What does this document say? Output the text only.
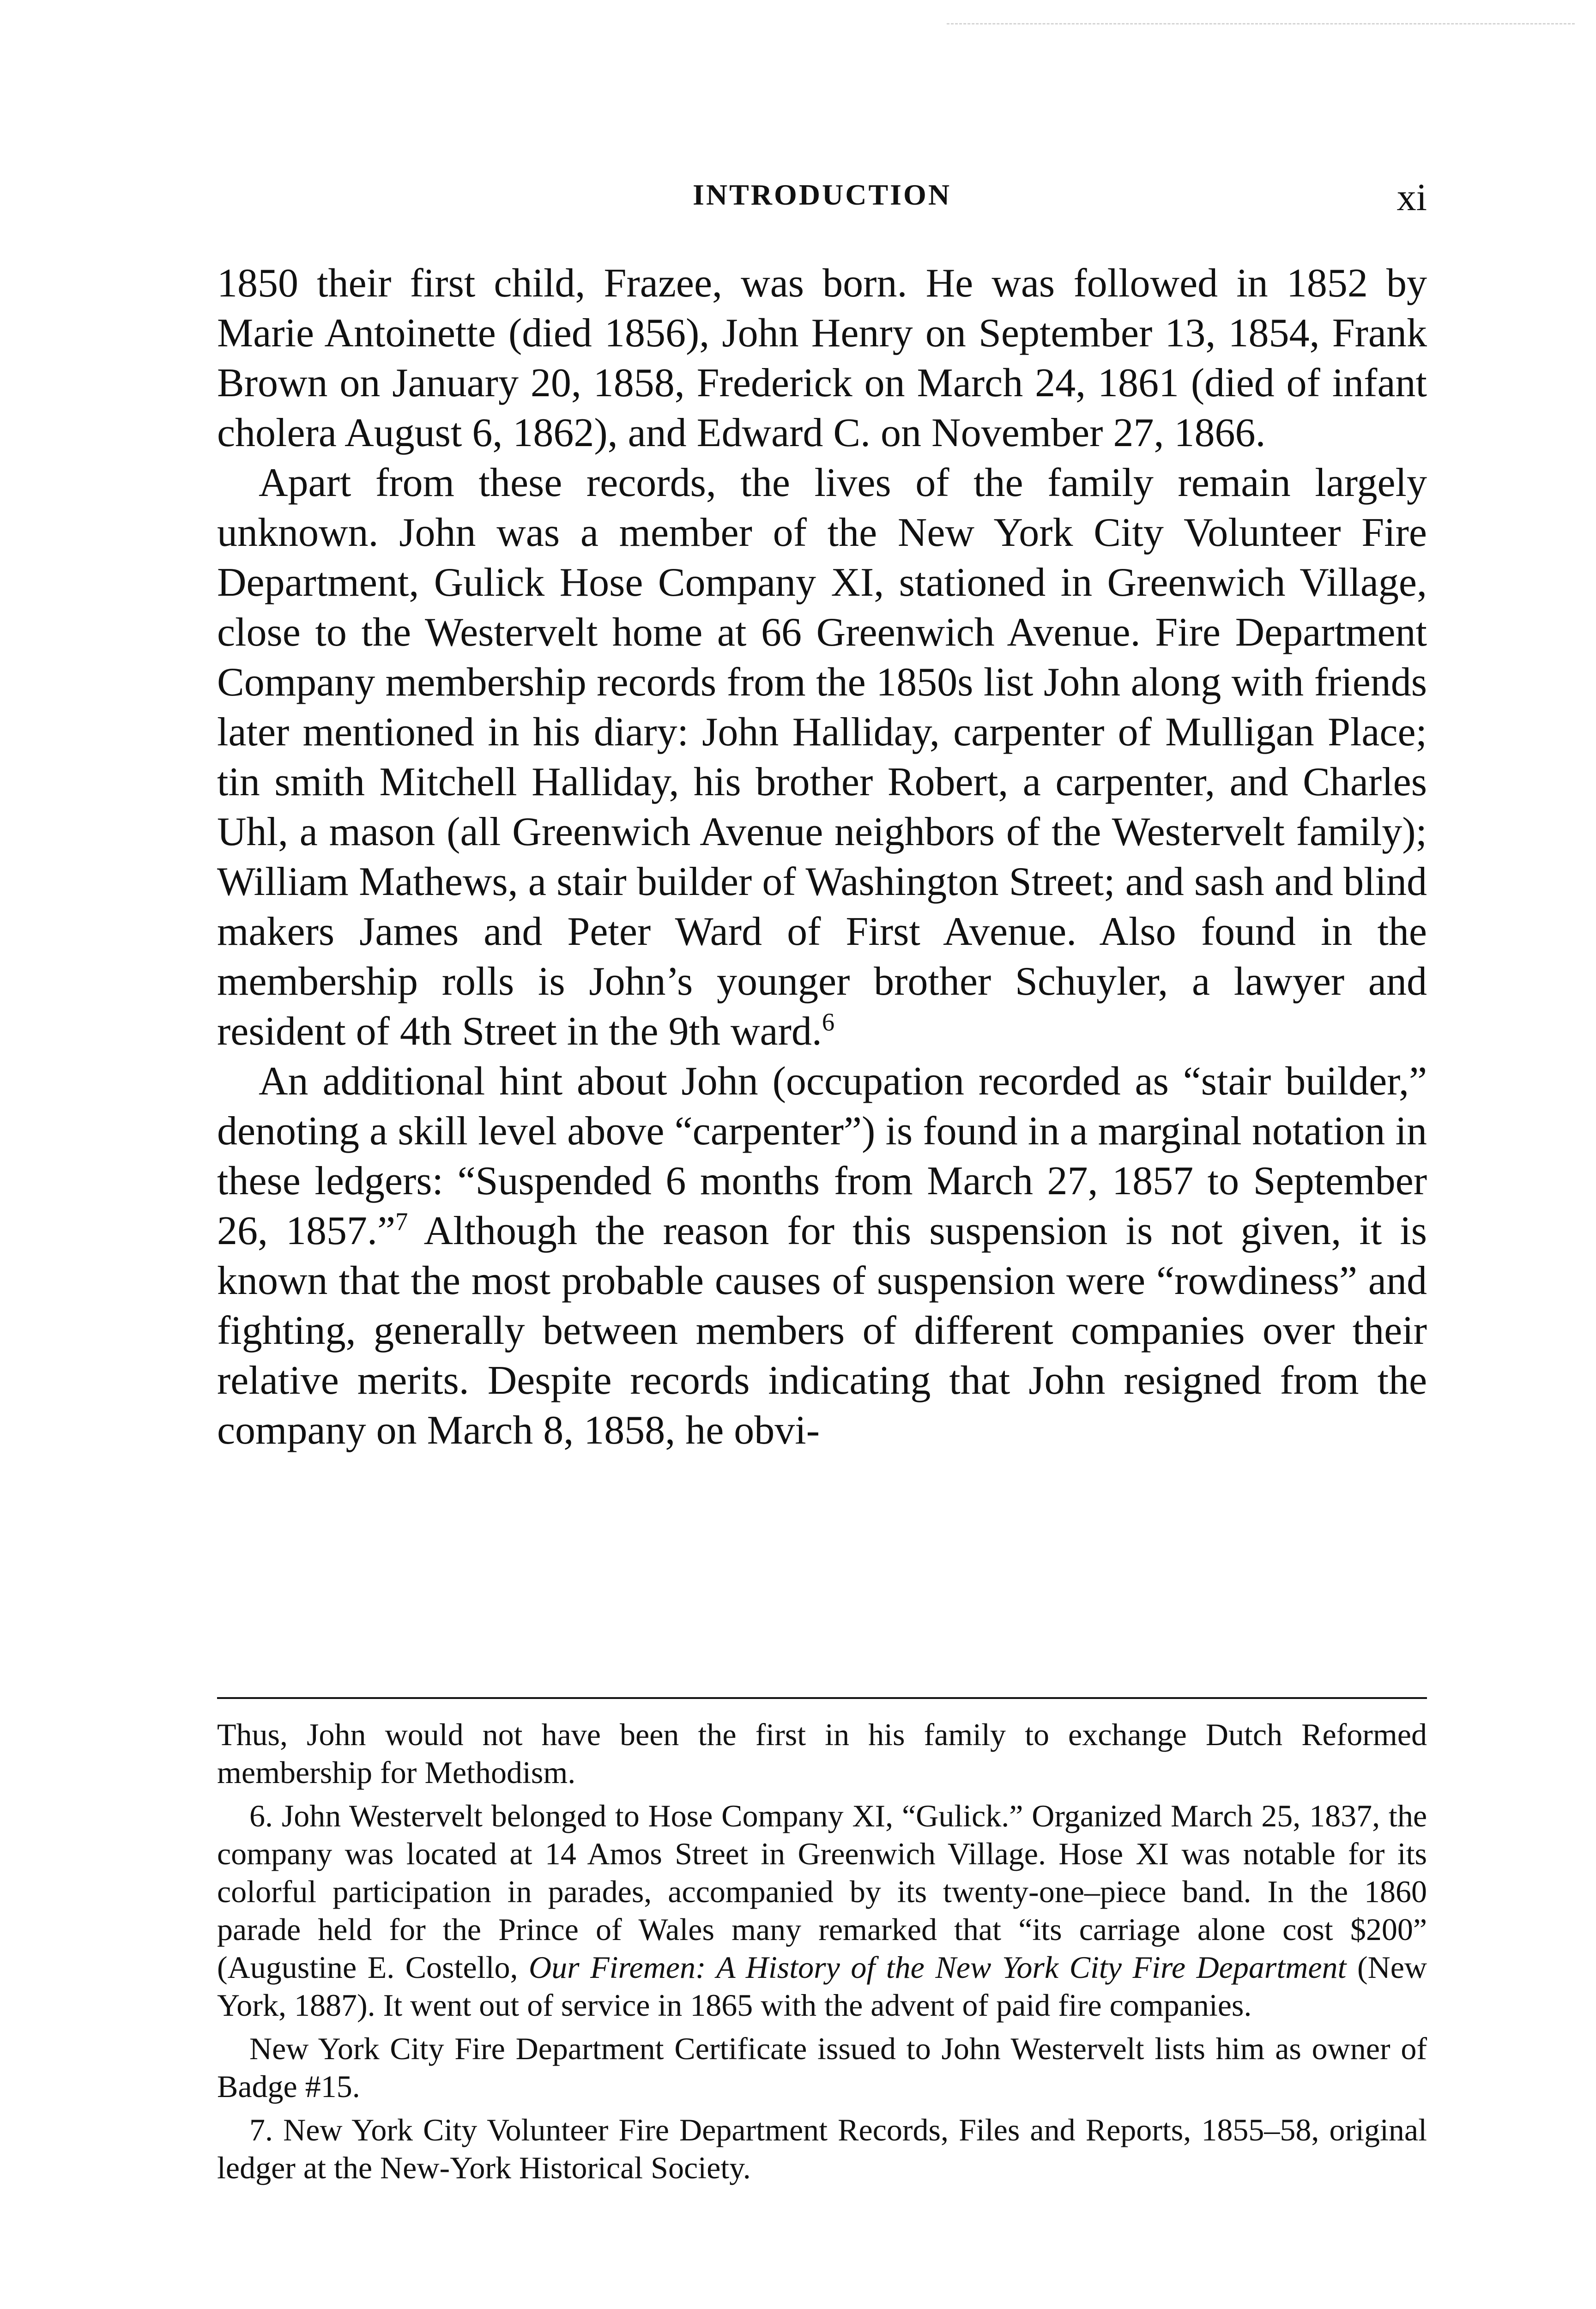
INTRODUCTION	xi

1850 their first child, Frazee, was born. He was followed in 1852 by Marie Antoinette (died 1856), John Henry on September 13, 1854, Frank Brown on January 20, 1858, Frederick on March 24, 1861 (died of infant cholera August 6, 1862), and Edward C. on November 27, 1866.

Apart from these records, the lives of the family remain largely unknown. John was a member of the New York City Volunteer Fire Department, Gulick Hose Company XI, stationed in Greenwich Village, close to the Westervelt home at 66 Greenwich Avenue. Fire Department Company membership records from the 1850s list John along with friends later mentioned in his diary: John Halliday, carpenter of Mulligan Place; tin smith Mitchell Halliday, his brother Robert, a carpenter, and Charles Uhl, a mason (all Greenwich Avenue neighbors of the Westervelt family); William Mathews, a stair builder of Washington Street; and sash and blind makers James and Peter Ward of First Avenue. Also found in the membership rolls is John’s younger brother Schuyler, a lawyer and resident of 4th Street in the 9th ward.$^6$

An additional hint about John (occupation recorded as “stair builder,” denoting a skill level above “carpenter”) is found in a marginal notation in these ledgers: “Suspended 6 months from March 27, 1857 to September 26, 1857.”$^7$ Although the reason for this suspension is not given, it is known that the most probable causes of suspension were “rowdiness” and fighting, generally between members of different companies over their relative merits. Despite records indicating that John resigned from the company on March 8, 1858, he obvi-

Thus, John would not have been the first in his family to exchange Dutch Reformed membership for Methodism.

6. John Westervelt belonged to Hose Company XI, “Gulick.” Organized March 25, 1837, the company was located at 14 Amos Street in Greenwich Village. Hose XI was notable for its colorful participation in parades, accompanied by its twenty-one–piece band. In the 1860 parade held for the Prince of Wales many remarked that “its carriage alone cost $200” (Augustine E. Costello, Our Firemen: A History of the New York City Fire Department (New York, 1887). It went out of service in 1865 with the advent of paid fire companies.

New York City Fire Department Certificate issued to John Westervelt lists him as owner of Badge #15.

7. New York City Volunteer Fire Department Records, Files and Reports, 1855–58, original ledger at the New-York Historical Society.
